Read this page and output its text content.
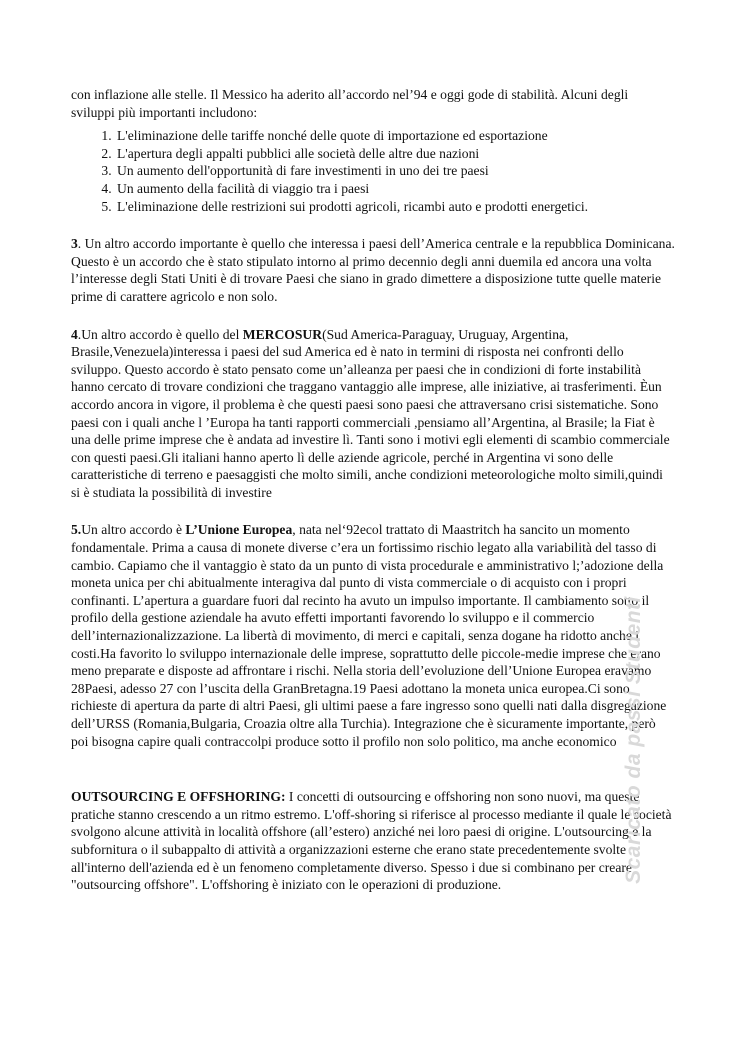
con inflazione alle stelle. Il Messico ha aderito all’accordo nel’94 e oggi gode di stabilità. Alcuni degli sviluppi più importanti includono:

1. L'eliminazione delle tariffe nonché delle quote di importazione ed esportazione
2. L'apertura degli appalti pubblici alle società delle altre due nazioni
3. Un aumento dell'opportunità di fare investimenti in uno dei tre paesi
4. Un aumento della facilità di viaggio tra i paesi
5. L'eliminazione delle restrizioni sui prodotti agricoli, ricambi auto e prodotti energetici.

3. Un altro accordo importante è quello che interessa i paesi dell’America centrale e la repubblica Dominicana. Questo è un accordo che è stato stipulato intorno al primo decennio degli anni duemila ed ancora una volta l’interesse degli Stati Uniti è di trovare Paesi che siano in grado dimettere a disposizione tutte quelle materie prime di carattere agricolo e non solo.

4.Un altro accordo è quello del MERCOSUR(Sud America-Paraguay, Uruguay, Argentina, Brasile,Venezuela)interessa i paesi del sud America ed è nato in termini di risposta nei confronti dello sviluppo. Questo accordo è stato pensato come un’alleanza per paesi che in condizioni di forte instabilità hanno cercato di trovare condizioni che traggano vantaggio alle imprese, alle iniziative, ai trasferimenti. Èun accordo ancora in vigore, il problema è che questi paesi sono paesi che attraversano crisi sistematiche. Sono paesi con i quali anche l ’Europa ha tanti rapporti commerciali ,pensiamo all’Argentina, al Brasile; la Fiat è una delle prime imprese che è andata ad investire lì. Tanti sono i motivi egli elementi di scambio commerciale con questi paesi.Gli italiani hanno aperto lì delle aziende agricole, perché in Argentina vi sono delle caratteristiche di terreno e paesaggisti che molto simili, anche condizioni meteorologiche molto simili,quindi si è studiata la possibilità di investire

5.Un altro accordo è L’Unione Europea, nata nel‘92ecol trattato di Maastritch ha sancito un momento fondamentale. Prima a causa di monete diverse c’era un fortissimo rischio legato alla variabilità del tasso di cambio. Capiamo che il vantaggio è stato da un punto di vista procedurale e amministrativo l;’adozione della moneta unica per chi abitualmente interagiva dal punto di vista commerciale o di acquisto con i propri confinanti. L’apertura a guardare fuori dal recinto ha avuto un impulso importante. Il cambiamento sotto il profilo della gestione aziendale ha avuto effetti importanti favorendo lo sviluppo e il commercio dell’internazionalizzazione. La libertà di movimento, di merci e capitali, senza dogane ha ridotto anche i costi.Ha favorito lo sviluppo internazionale delle imprese, soprattutto delle piccole-medie imprese che erano meno preparate e disposte ad affrontare i rischi. Nella storia dell’evoluzione dell’Unione Europea eravamo 28Paesi, adesso 27 con l’uscita della GranBretagna.19 Paesi adottano la moneta unica europea.Ci sono richieste di apertura da parte di altri Paesi, gli ultimi paese a fare ingresso sono quelli nati dalla disgregazione dell’URSS (Romania,Bulgaria, Croazia oltre alla Turchia). Integrazione che è sicuramente importante, però poi bisogna capire quali contraccolpi produce sotto il profilo non solo politico, ma anche economico

OUTSOURCING E OFFSHORING: I concetti di outsourcing e offshoring non sono nuovi, ma queste pratiche stanno crescendo a un ritmo estremo. L'off-shoring si riferisce al processo mediante il quale le società svolgono alcune attività in località offshore (all’estero) anziché nei loro paesi di origine. L'outsourcing è la subfornitura o il subappalto di attività a organizzazioni esterne che erano state precedentemente svolte all'interno dell'azienda ed è un fenomeno completamente diverso. Spesso i due si combinano per creare "outsourcing offshore". L'offshoring è iniziato con le operazioni di produzione.

Scaricato da passi Studenti
